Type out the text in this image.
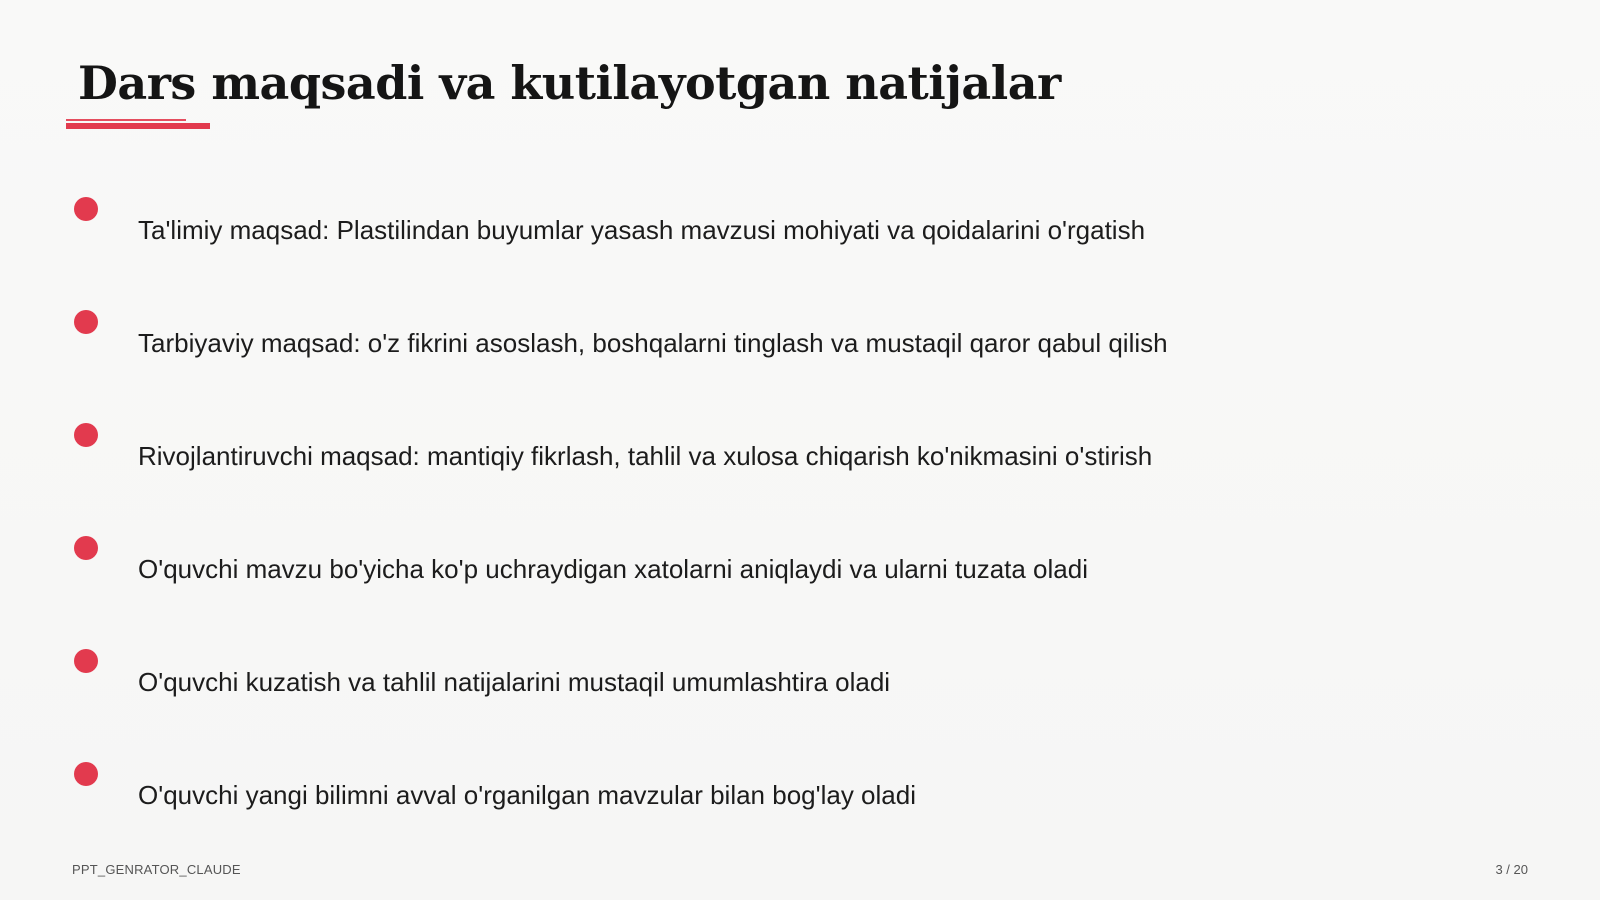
Dars maqsadi va kutilayotgan natijalar
Ta'limiy maqsad: Plastilindan buyumlar yasash mavzusi mohiyati va qoidalarini o'rgatish
Tarbiyaviy maqsad: o'z fikrini asoslash, boshqalarni tinglash va mustaqil qaror qabul qilish
Rivojlantiruvchi maqsad: mantiqiy fikrlash, tahlil va xulosa chiqarish ko'nikmasini o'stirish
O'quvchi mavzu bo'yicha ko'p uchraydigan xatolarni aniqlaydi va ularni tuzata oladi
O'quvchi kuzatish va tahlil natijalarini mustaqil umumlashtira oladi
O'quvchi yangi bilimni avval o'rganilgan mavzular bilan bog'lay oladi
PPT_GENRATOR_CLAUDE	3 / 20
